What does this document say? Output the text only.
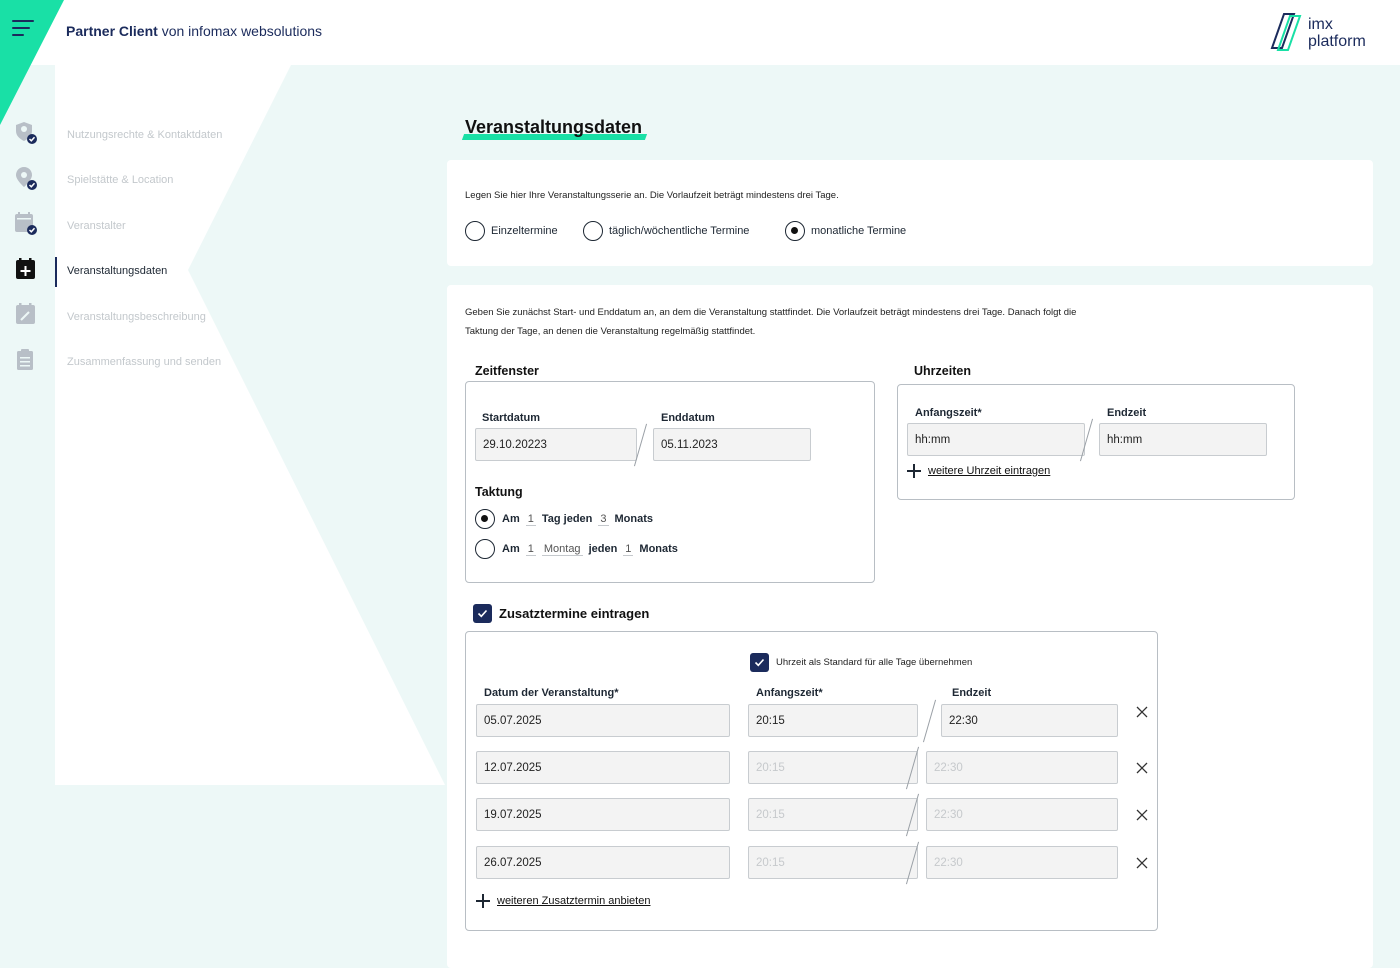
Partner Client von infomax websolutions	imx
platform
Nutzungsrechte & Kontaktdaten
Spielstätte & Location
Veranstalter
Veranstaltungsdaten
Veranstaltungsbeschreibung
Zusammenfassung und senden
Veranstaltungsdaten
Legen Sie hier Ihre Veranstaltungsserie an. Die Vorlaufzeit beträgt mindestens drei Tage.
Einzeltermine	täglich/wöchentliche Termine	monatliche Termine
Geben Sie zunächst Start- und Enddatum an, an dem die Veranstaltung stattfindet. Die Vorlaufzeit beträgt mindestens drei Tage. Danach folgt die
Taktung der Tage, an denen die Veranstaltung regelmäßig stattfindet.
Zeitfenster
Startdatum
29.10.20223
Enddatum
05.11.2023
Taktung
Am 1 Tag jeden 3 Monats
Am 1 Montag jeden 1 Monats
Uhrzeiten
Anfangszeit*
hh:mm
Endzeit
hh:mm
weitere Uhrzeit eintragen
Zusatztermine eintragen
Uhrzeit als Standard für alle Tage übernehmen
Datum der Veranstaltung*	Anfangszeit*	Endzeit
05.07.2025	20:15	22:30
12.07.2025	20:15	22:30
19.07.2025	20:15	22:30
26.07.2025	20:15	22:30
weiteren Zusatztermin anbieten
